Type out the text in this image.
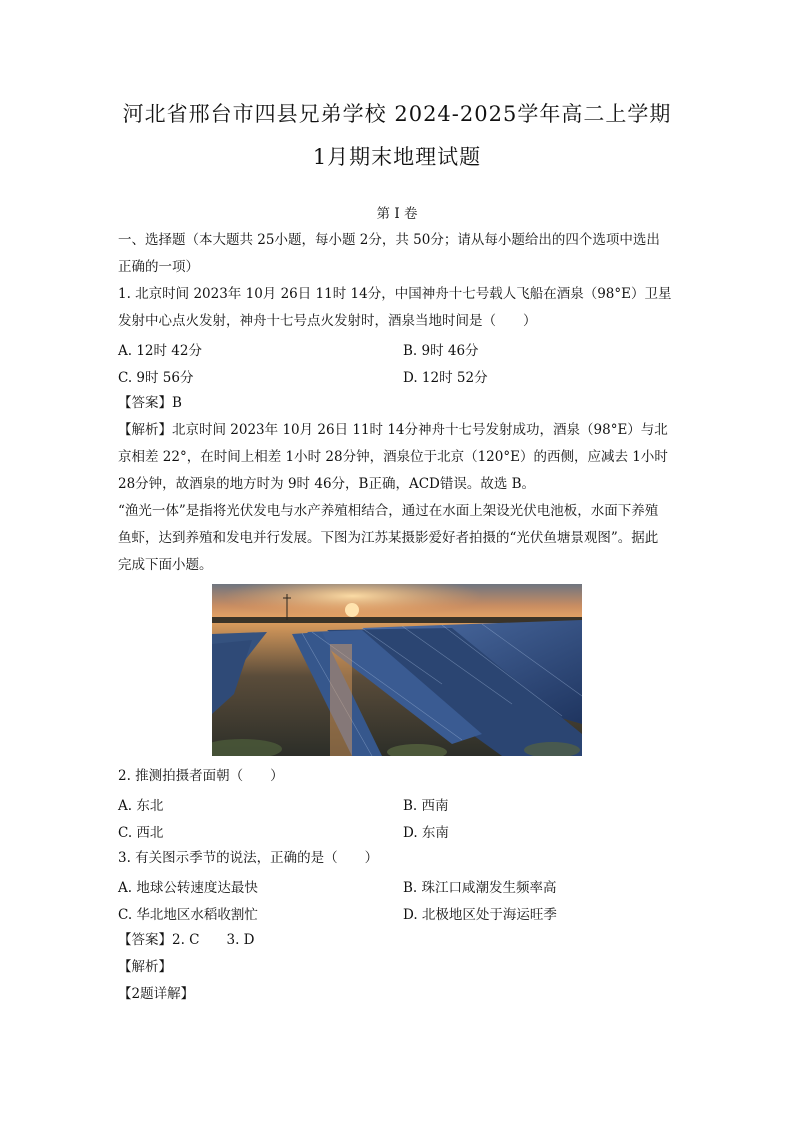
河北省邢台市四县兄弟学校 2024-2025学年高二上学期
1月期末地理试题
第 I 卷
一、选择题（本大题共 25小题，每小题 2分，共 50分；请从每小题给出的四个选项中选出
正确的一项）
1. 北京时间 2023年 10月 26日 11时 14分，中国神舟十七号载人飞船在酒泉（98°E）卫星
发射中心点火发射，神舟十七号点火发射时，酒泉当地时间是（　　）
A. 12时 42分	B. 9时 46分
C. 9时 56分	D. 12时 52分
【答案】B
【解析】北京时间 2023年 10月 26日 11时 14分神舟十七号发射成功，酒泉（98°E）与北
京相差 22°，在时间上相差 1小时 28分钟，酒泉位于北京（120°E）的西侧，应减去 1小时
28分钟，故酒泉的地方时为 9时 46分，B正确，ACD错误。故选 B。
“渔光一体”是指将光伏发电与水产养殖相结合，通过在水面上架设光伏电池板，水面下养殖
鱼虾，达到养殖和发电并行发展。下图为江苏某摄影爱好者拍摄的“光伏鱼塘景观图”。据此
完成下面小题。
2. 推测拍摄者面朝（　　）
A. 东北	B. 西南
C. 西北	D. 东南
3. 有关图示季节的说法，正确的是（　　）
A. 地球公转速度达最快	B. 珠江口咸潮发生频率高
C. 华北地区水稻收割忙	D. 北极地区处于海运旺季
【答案】2. C　　3. D
【解析】
【2题详解】
